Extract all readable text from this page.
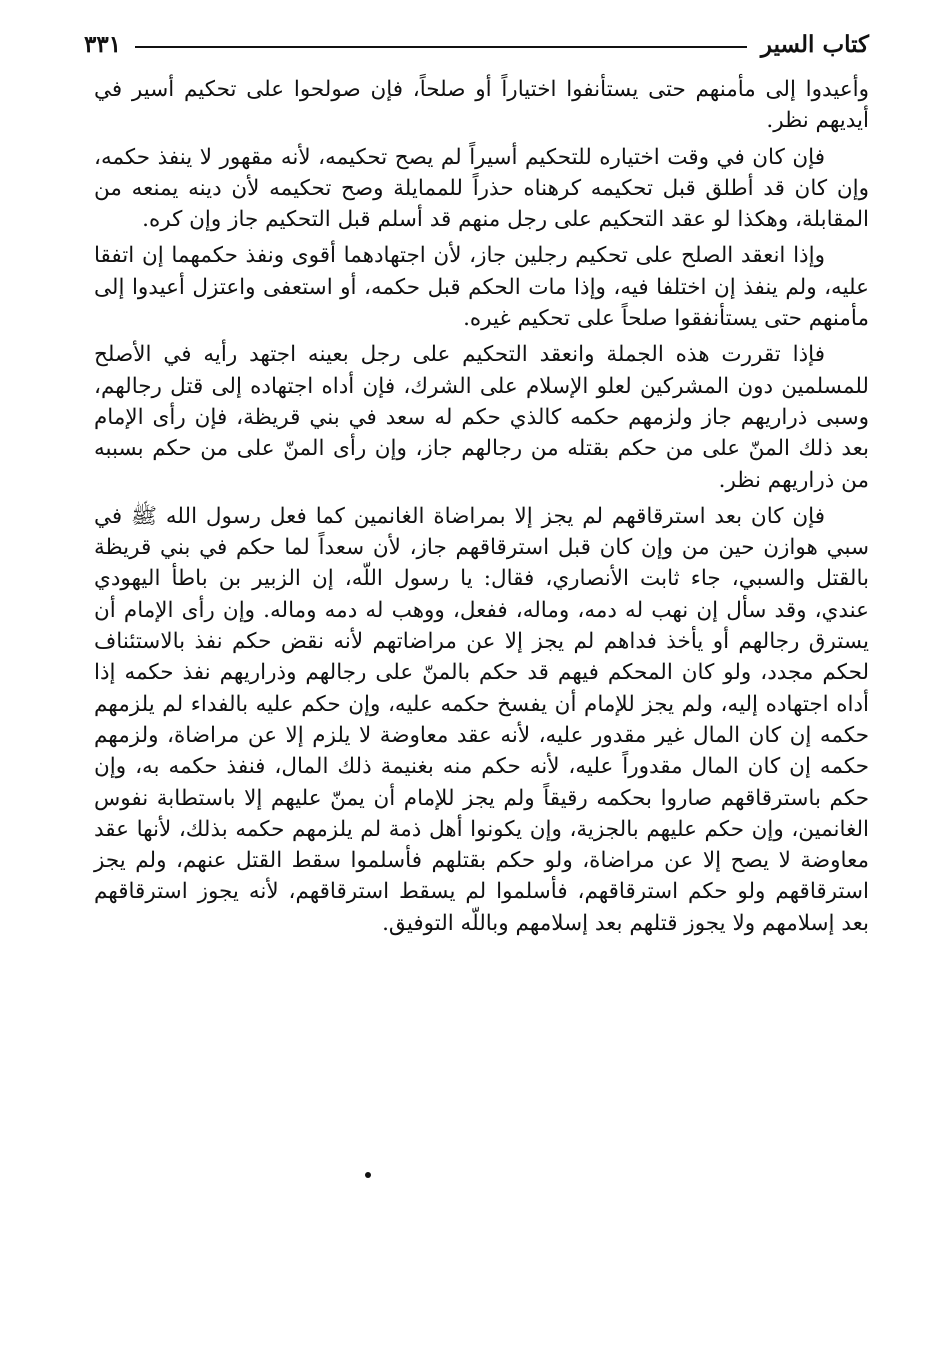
كتاب السير
٣٣١

وأعيدوا إلى مأمنهم حتى يستأنفوا اختياراً أو صلحاً، فإن صولحوا على تحكيم أسير في أيديهم نظر.

فإن كان في وقت اختياره للتحكيم أسيراً لم يصح تحكيمه، لأنه مقهور لا ينفذ حكمه، وإن كان قد أطلق قبل تحكيمه كرهناه حذراً للممايلة وصح تحكيمه لأن دينه يمنعه من المقابلة، وهكذا لو عقد التحكيم على رجل منهم قد أسلم قبل التحكيم جاز وإن كره.

وإذا انعقد الصلح على تحكيم رجلين جاز، لأن اجتهادهما أقوى ونفذ حكمهما إن اتفقا عليه، ولم ينفذ إن اختلفا فيه، وإذا مات الحكم قبل حكمه، أو استعفى واعتزل أعيدوا إلى مأمنهم حتى يستأنفقوا صلحاً على تحكيم غيره.

فإذا تقررت هذه الجملة وانعقد التحكيم على رجل بعينه اجتهد رأيه في الأصلح للمسلمين دون المشركين لعلو الإسلام على الشرك، فإن أداه اجتهاده إلى قتل رجالهم، وسبى ذراريهم جاز ولزمهم حكمه كالذي حكم له سعد في بني قريظة، فإن رأى الإمام بعد ذلك المنّ على من حكم بقتله من رجالهم جاز، وإن رأى المنّ على من حكم بسببه من ذراريهم نظر.

فإن كان بعد استرقاقهم لم يجز إلا بمراضاة الغانمين كما فعل رسول الله ﷺ في سبي هوازن حين من وإن كان قبل استرقاقهم جاز، لأن سعداً لما حكم في بني قريظة بالقتل والسبي، جاء ثابت الأنصاري، فقال: يا رسول اللّه، إن الزبير بن باطأ اليهودي عندي، وقد سأل إن نهب له دمه، وماله، ففعل، ووهب له دمه وماله. وإن رأى الإمام أن يسترق رجالهم أو يأخذ فداهم لم يجز إلا عن مراضاتهم لأنه نقض حكم نفذ بالاستئناف لحكم مجدد، ولو كان المحكم فيهم قد حكم بالمنّ على رجالهم وذراريهم نفذ حكمه إذا أداه اجتهاده إليه، ولم يجز للإمام أن يفسخ حكمه عليه، وإن حكم عليه بالفداء لم يلزمهم حكمه إن كان المال غير مقدور عليه، لأنه عقد معاوضة لا يلزم إلا عن مراضاة، ولزمهم حكمه إن كان المال مقدوراً عليه، لأنه حكم منه بغنيمة ذلك المال، فنفذ حكمه به، وإن حكم باسترقاقهم صاروا بحكمه رقيقاً ولم يجز للإمام أن يمنّ عليهم إلا باستطابة نفوس الغانمين، وإن حكم عليهم بالجزية، وإن يكونوا أهل ذمة لم يلزمهم حكمه بذلك، لأنها عقد معاوضة لا يصح إلا عن مراضاة، ولو حكم بقتلهم فأسلموا سقط القتل عنهم، ولم يجز استرقاقهم ولو حكم استرقاقهم، فأسلموا لم يسقط استرقاقهم، لأنه يجوز استرقاقهم بعد إسلامهم ولا يجوز قتلهم بعد إسلامهم وباللّه التوفيق.
